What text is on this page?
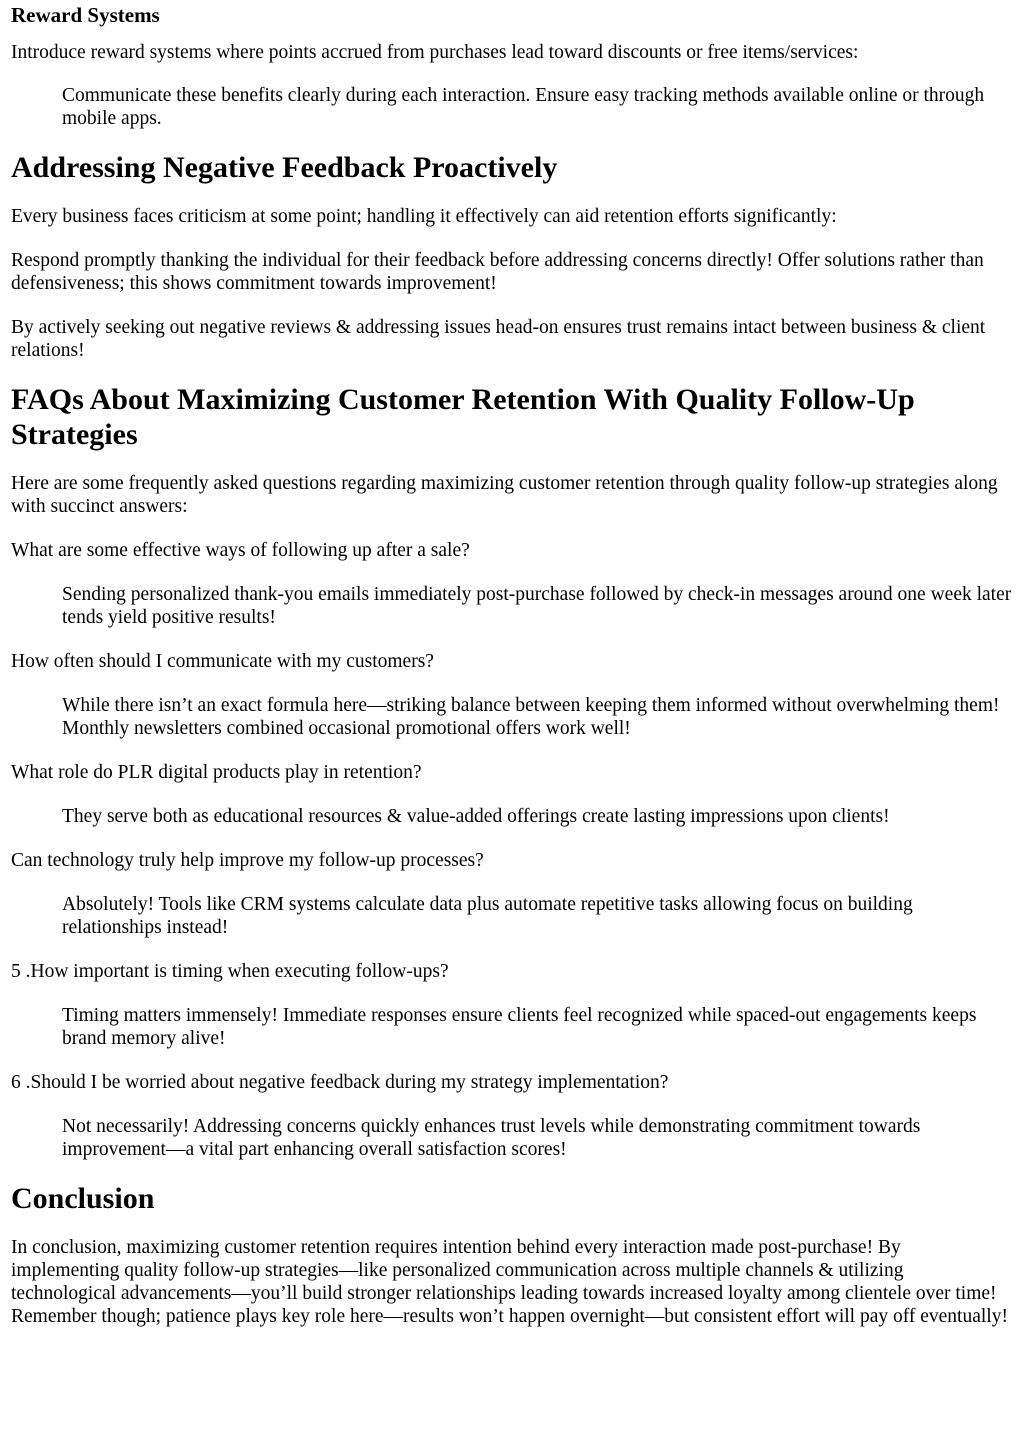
Reward Systems

Introduce reward systems where points accrued from purchases lead toward discounts or free items/services:

Communicate these benefits clearly during each interaction. Ensure easy tracking methods available online or through mobile apps.
Addressing Negative Feedback Proactively

Every business faces criticism at some point; handling it effectively can aid retention efforts significantly:

Respond promptly thanking the individual for their feedback before addressing concerns directly! Offer solutions rather than defensiveness; this shows commitment towards improvement!

By actively seeking out negative reviews & addressing issues head-on ensures trust remains intact between business & client relations!

FAQs About Maximizing Customer Retention With Quality Follow-Up Strategies

Here are some frequently asked questions regarding maximizing customer retention through quality follow-up strategies along with succinct answers:

What are some effective ways of following up after a sale?

Sending personalized thank-you emails immediately post-purchase followed by check-in messages around one week later tends yield positive results!

How often should I communicate with my customers?

While there isn’t an exact formula here—striking balance between keeping them informed without overwhelming them! Monthly newsletters combined occasional promotional offers work well!

What role do PLR digital products play in retention?

They serve both as educational resources & value-added offerings create lasting impressions upon clients!

Can technology truly help improve my follow-up processes?

Absolutely! Tools like CRM systems calculate data plus automate repetitive tasks allowing focus on building relationships instead!

5 .How important is timing when executing follow-ups?

Timing matters immensely! Immediate responses ensure clients feel recognized while spaced-out engagements keeps brand memory alive!

6 .Should I be worried about negative feedback during my strategy implementation?

Not necessarily! Addressing concerns quickly enhances trust levels while demonstrating commitment towards improvement—a vital part enhancing overall satisfaction scores!
Conclusion

In conclusion, maximizing customer retention requires intention behind every interaction made post-purchase! By implementing quality follow-up strategies—like personalized communication across multiple channels & utilizing technological advancements—you’ll build stronger relationships leading towards increased loyalty among clientele over time! Remember though; patience plays key role here—results won’t happen overnight—but consistent effort will pay off eventually!
